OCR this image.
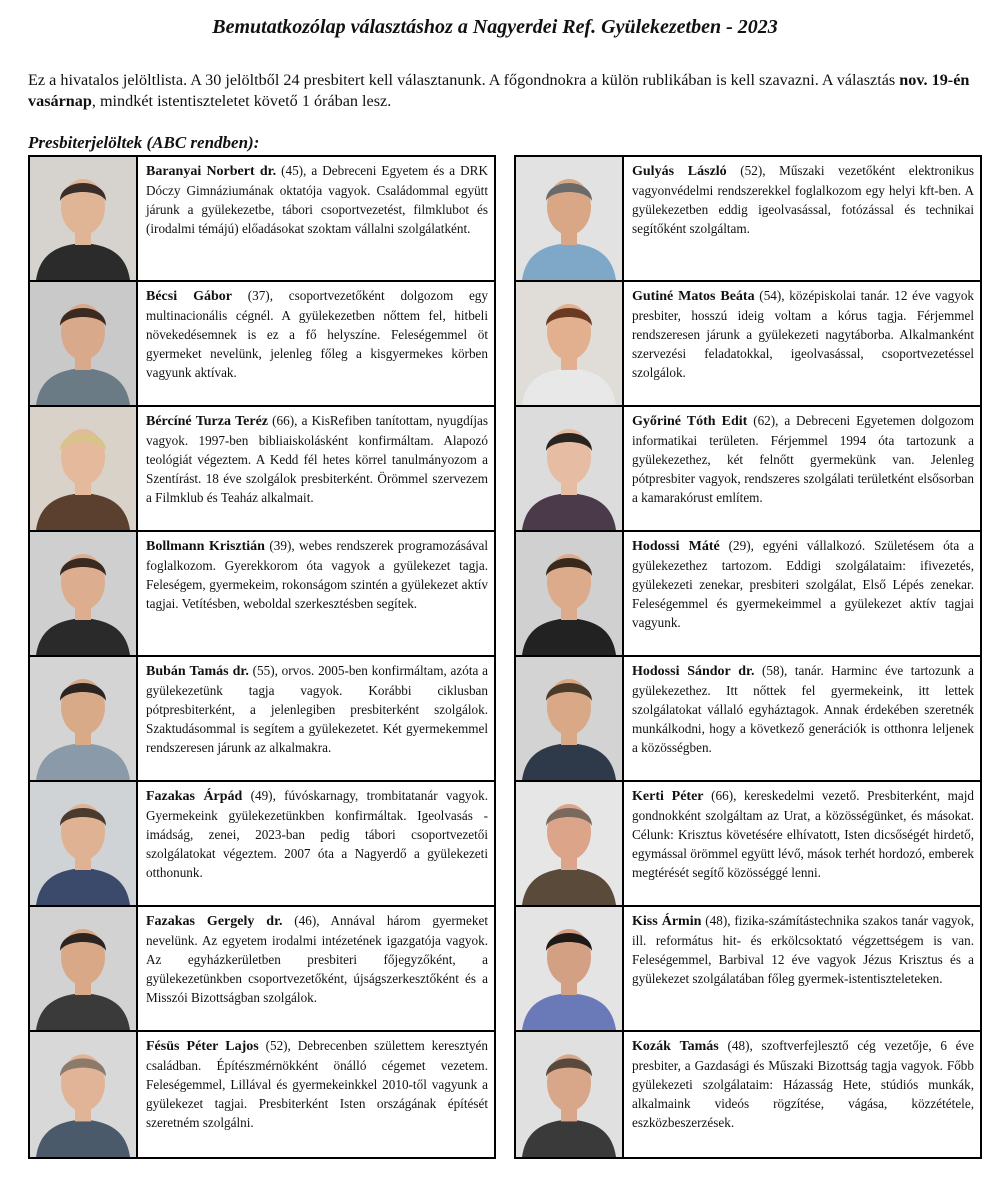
Bemutatkozólap választáshoz a Nagyerdei Ref. Gyülekezetben - 2023

Ez a hivatalos jelöltlista. A 30 jelöltből 24 presbitert kell választanunk. A főgondnokra a külön rublikában is kell szavazni. A választás nov. 19-én vasárnap, mindkét istentiszteletet követő 1 órában lesz.

Presbiterjelöltek (ABC rendben):
Baranyai Norbert dr. (45), a Debreceni Egyetem és a DRK Dóczy Gimnáziumának oktatója vagyok. Családommal együtt járunk a gyülekezetbe, tábori csoportvezetést, filmklubot és (irodalmi témájú) előadásokat szoktam vállalni szolgálatként.
Bécsi Gábor (37), csoportvezetőként dolgozom egy multinacionális cégnél. A gyülekezetben nőttem fel, hitbeli növekedésemnek is ez a fő helyszíne. Feleségemmel öt gyermeket nevelünk, jelenleg főleg a kisgyermekes körben vagyunk aktívak.
Bércíné Turza Teréz (66), a KisRefiben tanítottam, nyugdíjas vagyok. 1997-ben bibliaiskolásként konfirmáltam. Alapozó teológiát végeztem. A Kedd fél hetes körrel tanulmányozom a Szentírást. 18 éve szolgálok presbiterként. Örömmel szervezem a Filmklub és Teaház alkalmait.
Bollmann Krisztián (39), webes rendszerek programozásával foglalkozom. Gyerekkorom óta vagyok a gyülekezet tagja. Feleségem, gyermekeim, rokonságom szintén a gyülekezet aktív tagjai. Vetítésben, weboldal szerkesztésben segítek.
Bubán Tamás dr. (55), orvos. 2005-ben konfirmáltam, azóta a gyülekezetünk tagja vagyok. Korábbi ciklusban pótpresbiterként, a jelenlegiben presbiterként szolgálok. Szaktudásommal is segítem a gyülekezetet. Két gyermekemmel rendszeresen járunk az alkalmakra.
Fazakas Árpád (49), fúvóskarnagy, trombitatanár vagyok. Gyermekeink gyülekezetünkben konfirmáltak. Igeolvasás - imádság, zenei, 2023-ban pedig tábori csoportvezetői szolgálatokat végeztem. 2007 óta a Nagyerdő a gyülekezeti otthonunk.
Fazakas Gergely dr. (46), Annával három gyermeket nevelünk. Az egyetem irodalmi intézetének igazgatója vagyok. Az egyházkerületben presbiteri főjegyzőként, a gyülekezetünkben csoportvezetőként, újságszerkesztőként és a Misszói Bizottságban szolgálok.
Fésüs Péter Lajos (52), Debrecenben születtem keresztyén családban. Építészmérnökként önálló cégemet vezetem. Feleségemmel, Lillával és gyermekeinkkel 2010-től vagyunk a gyülekezet tagjai. Presbiterként Isten országának építését szeretném szolgálni.
Gulyás László (52), Műszaki vezetőként elektronikus vagyonvédelmi rendszerekkel foglalkozom egy helyi kft-ben. A gyülekezetben eddig igeolvasással, fotózással és technikai segítőként szolgáltam.
Gutiné Matos Beáta (54), középiskolai tanár. 12 éve vagyok presbiter, hosszú ideig voltam a kórus tagja. Férjemmel rendszeresen járunk a gyülekezeti nagytáborba. Alkalmanként szervezési feladatokkal, igeolvasással, csoportvezetéssel szolgálok.
Győriné Tóth Edit (62), a Debreceni Egyetemen dolgozom informatikai területen. Férjemmel 1994 óta tartozunk a gyülekezethez, két felnőtt gyermekünk van. Jelenleg pótpresbiter vagyok, rendszeres szolgálati területként elsősorban a kamarakórust említem.
Hodossi Máté (29), egyéni vállalkozó. Születésem óta a gyülekezethez tartozom. Eddigi szolgálataim: ifivezetés, gyülekezeti zenekar, presbiteri szolgálat, Első Lépés zenekar. Feleségemmel és gyermekeimmel a gyülekezet aktív tagjai vagyunk.
Hodossi Sándor dr. (58), tanár. Harminc éve tartozunk a gyülekezethez. Itt nőttek fel gyermekeink, itt lettek szolgálatokat vállaló egyháztagok. Annak érdekében szeretnék munkálkodni, hogy a következő generációk is otthonra leljenek a közösségben.
Kerti Péter (66), kereskedelmi vezető. Presbiterként, majd gondnokként szolgáltam az Urat, a közösségünket, és másokat. Célunk: Krisztus követésére elhívatott, Isten dicsőségét hirdető, egymással örömmel együtt lévő, mások terhét hordozó, emberek megtérését segítő közösséggé lenni.
Kiss Ármin (48), fizika-számítástechnika szakos tanár vagyok, ill. református hit- és erkölcsoktató végzettségem is van. Feleségemmel, Barbival 12 éve vagyok Jézus Krisztus és a gyülekezet szolgálatában főleg gyermek-istentiszteleteken.
Kozák Tamás (48), szoftverfejlesztő cég vezetője, 6 éve presbiter, a Gazdasági és Műszaki Bizottság tagja vagyok. Főbb gyülekezeti szolgálataim: Házasság Hete, stúdiós munkák, alkalmaink videós rögzítése, vágása, közzététele, eszközbeszerzések.
